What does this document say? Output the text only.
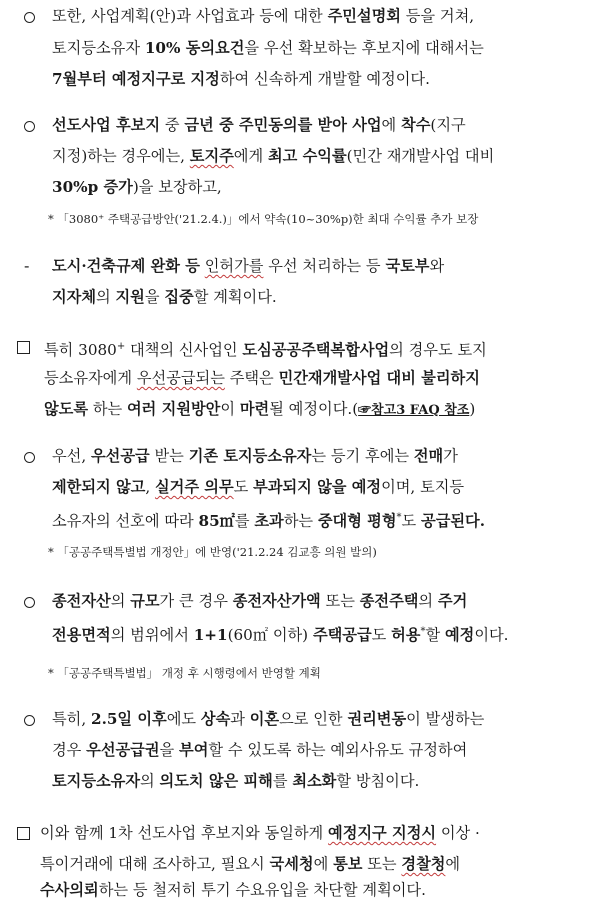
또한, 사업계획(안)과 사업효과 등에 대한 주민설명회 등을 거쳐,
토지등소유자 10% 동의요건을 우선 확보하는 후보지에 대해서는
7월부터 예정지구로 지정하여 신속하게 개발할 예정이다.
선도사업 후보지 중 금년 중 주민동의를 받아 사업에 착수(지구
지정)하는 경우에는, 토지주에게 최고 수익률(민간 재개발사업 대비
30%p 증가)을 보장하고,
* 「3080⁺ 주택공급방안('21.2.4.)」에서 약속(10~30%p)한 최대 수익률 추가 보장
- 도시·건축규제 완화 등 인허가를 우선 처리하는 등 국토부와
지자체의 지원을 집중할 계획이다.
특히 3080+ 대책의 신사업인 도심공공주택복합사업의 경우도 토지
등소유자에게 우선공급되는 주택은 민간재개발사업 대비 불리하지
않도록 하는 여러 지원방안이 마련될 예정이다.(☞참고3 FAQ 참조)
우선, 우선공급 받는 기존 토지등소유자는 등기 후에는 전매가
제한되지 않고, 실거주 의무도 부과되지 않을 예정이며, 토지등
소유자의 선호에 따라 85㎡를 초과하는 중대형 평형*도 공급된다.
* 「공공주택특별법 개정안」에 반영('21.2.24 김교흥 의원 발의)
종전자산의 규모가 큰 경우 종전자산가액 또는 종전주택의 주거
전용면적의 범위에서 1+1(60㎡ 이하) 주택공급도 허용*할 예정이다.
* 「공공주택특별법」 개정 후 시행령에서 반영할 계획
특히, 2.5일 이후에도 상속과 이혼으로 인한 권리변동이 발생하는
경우 우선공급권을 부여할 수 있도록 하는 예외사유도 규정하여
토지등소유자의 의도치 않은 피해를 최소화할 방침이다.
이와 함께 1차 선도사업 후보지와 동일하게 예정지구 지정시 이상 ·
특이거래에 대해 조사하고, 필요시 국세청에 통보 또는 경찰청에
수사의뢰하는 등 철저히 투기 수요유입을 차단할 계획이다.
